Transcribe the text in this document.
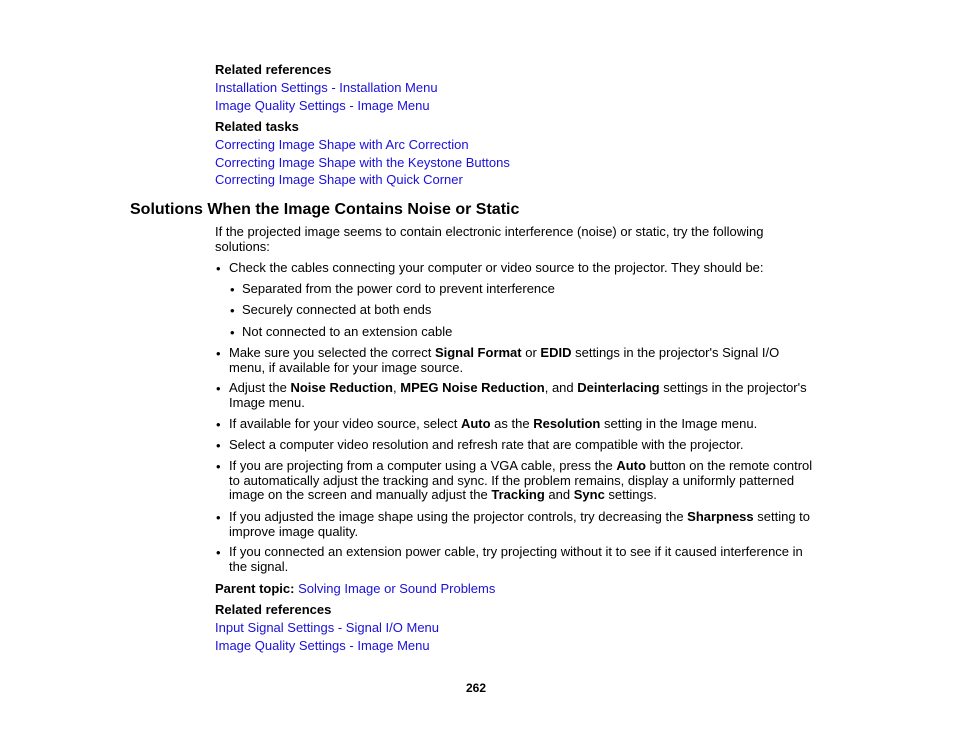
Related references
Installation Settings - Installation Menu
Image Quality Settings - Image Menu
Related tasks
Correcting Image Shape with Arc Correction
Correcting Image Shape with the Keystone Buttons
Correcting Image Shape with Quick Corner
Solutions When the Image Contains Noise or Static
If the projected image seems to contain electronic interference (noise) or static, try the following solutions:
• Check the cables connecting your computer or video source to the projector. They should be:
• Separated from the power cord to prevent interference
• Securely connected at both ends
• Not connected to an extension cable
• Make sure you selected the correct Signal Format or EDID settings in the projector's Signal I/O menu, if available for your image source.
• Adjust the Noise Reduction, MPEG Noise Reduction, and Deinterlacing settings in the projector's Image menu.
• If available for your video source, select Auto as the Resolution setting in the Image menu.
• Select a computer video resolution and refresh rate that are compatible with the projector.
• If you are projecting from a computer using a VGA cable, press the Auto button on the remote control to automatically adjust the tracking and sync. If the problem remains, display a uniformly patterned image on the screen and manually adjust the Tracking and Sync settings.
• If you adjusted the image shape using the projector controls, try decreasing the Sharpness setting to improve image quality.
• If you connected an extension power cable, try projecting without it to see if it caused interference in the signal.
Parent topic: Solving Image or Sound Problems
Related references
Input Signal Settings - Signal I/O Menu
Image Quality Settings - Image Menu
262
